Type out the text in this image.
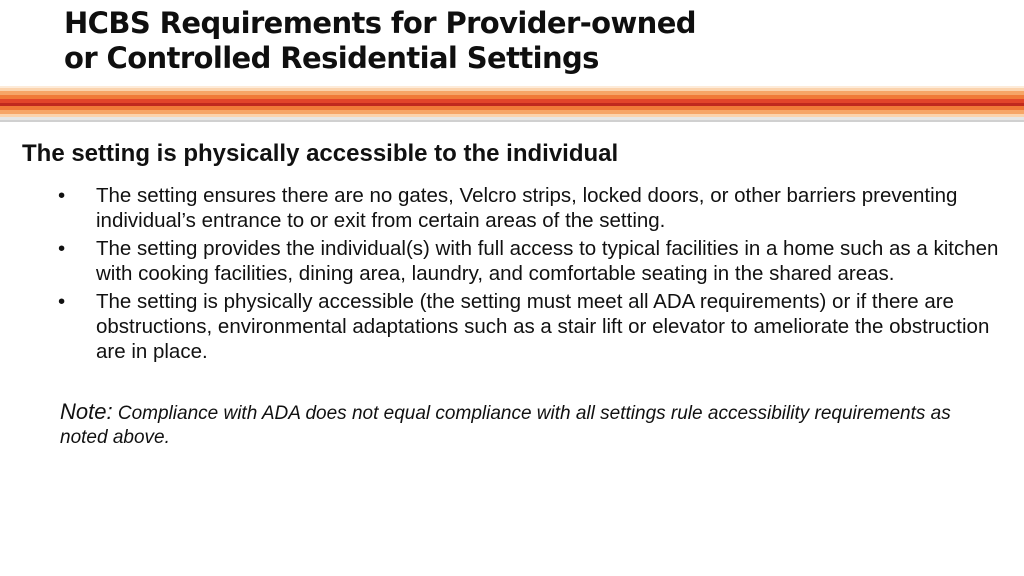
HCBS Requirements for Provider-owned
or Controlled Residential Settings
The setting is physically accessible to the individual
• The setting ensures there are no gates, Velcro strips, locked doors, or other barriers preventing individual’s entrance to or exit from certain areas of the setting.
• The setting provides the individual(s) with full access to typical facilities in a home such as a kitchen with cooking facilities, dining area, laundry, and comfortable seating in the shared areas.
• The setting is physically accessible (the setting must meet all ADA requirements) or if there are obstructions, environmental adaptations such as a stair lift or elevator to ameliorate the obstruction are in place.

Note: Compliance with ADA does not equal compliance with all settings rule accessibility requirements as noted above.
